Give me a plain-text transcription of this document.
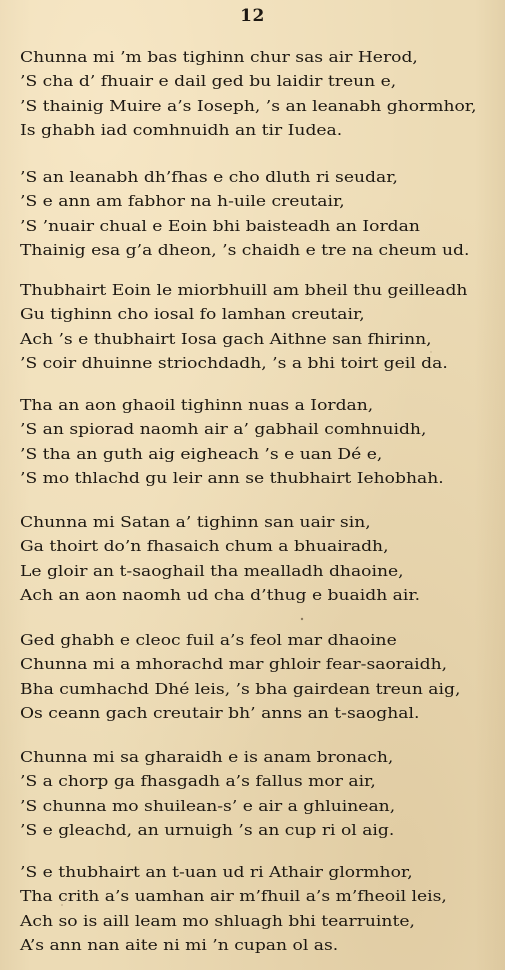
12
Chunna mi ’m bas tighinn chur sas air Herod,
’S cha d’ fhuair e dail ged bu laidir treun e,
’S thainig Muire a’s Ioseph, ’s an leanabh ghormhor,
Is ghabh iad comhnuidh an tir Iudea.
’S an leanabh dh’fhas e cho dluth ri seudar,
’S e ann am fabhor na h-uile creutair,
’S ’nuair chual e Eoin bhi baisteadh an Iordan
Thainig esa g’a dheon, ’s chaidh e tre na cheum ud.
Thubhairt Eoin le miorbhuill am bheil thu geilleadh
Gu tighinn cho iosal fo lamhan creutair,
Ach ’s e thubhairt Iosa gach Aithne san fhirinn,
’S coir dhuinne striochdadh, ’s a bhi toirt geil da.
Tha an aon ghaoil tighinn nuas a Iordan,
’S an spiorad naomh air a’ gabhail comhnuidh,
’S tha an guth aig eigheach ’s e uan Dé e,
’S mo thlachd gu leir ann se thubhairt Iehobhah.
Chunna mi Satan a’ tighinn san uair sin,
Ga thoirt do’n fhasaich chum a bhuairadh,
Le gloir an t-saoghail tha mealladh dhaoine,
Ach an aon naomh ud cha d’thug e buaidh air.
Ged ghabh e cleoc fuil a’s feol mar dhaoine
Chunna mi a mhorachd mar ghloir fear-saoraidh,
Bha cumhachd Dhé leis, ’s bha gairdean treun aig,
Os ceann gach creutair bh’ anns an t-saoghal.
Chunna mi sa gharaidh e is anam bronach,
’S a chorp ga fhasgadh a’s fallus mor air,
’S chunna mo shuilean-s’ e air a ghluinean,
’S e gleachd, an urnuigh ’s an cup ri ol aig.
’S e thubhairt an t-uan ud ri Athair glormhor,
Tha crith a’s uamhan air m’fhuil a’s m’fheoil leis,
Ach so is aill leam mo shluagh bhi tearruinte,
A’s ann nan aite ni mi ’n cupan ol as.
